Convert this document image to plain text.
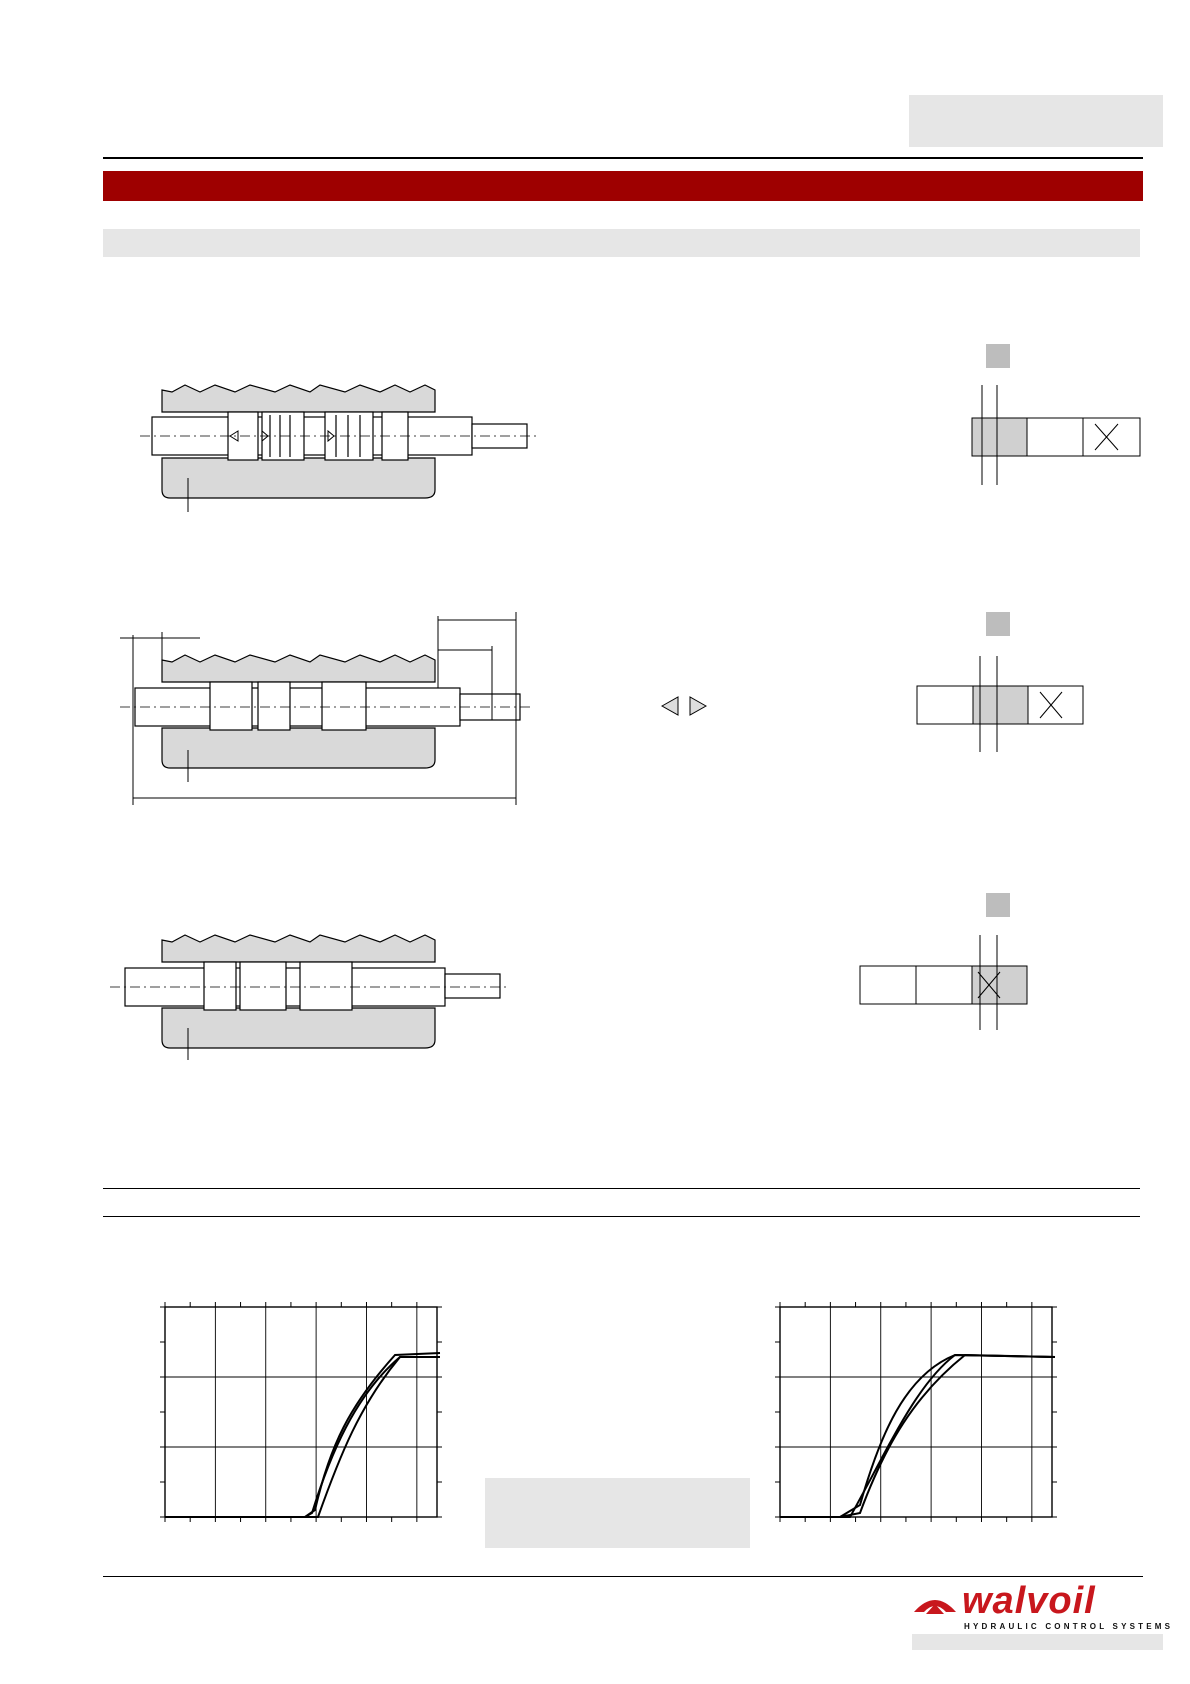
walvoil
HYDRAULIC CONTROL SYSTEMS
